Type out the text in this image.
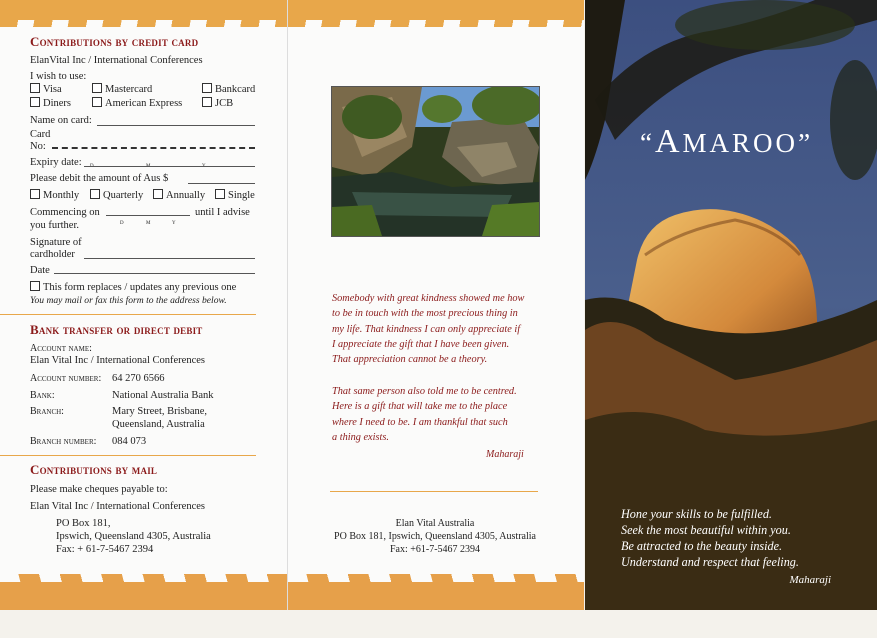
Contributions by credit card
ElanVital Inc / International Conferences
I wish to use:
Visa	Mastercard	Bankcard
Diners	American Express	JCB
Name on card:
Card
No:
Expiry date:
Please debit the amount of Aus $
Monthly	Quarterly	Annually	Single
Commencing on
D	M	Y
until I advise
you further.
Signature of
cardholder
Date
This form replaces / updates any previous one
You may mail or fax this form to the address below.
Bank transfer or direct debit
Account name:
Elan Vital Inc / International Conferences
Account number: 64 270 6566
Bank:	National Australia Bank
Branch:	Mary Street, Brisbane,
Queensland, Australia
Branch number: 084 073
Contributions by mail
Please make cheques payable to:
Elan Vital Inc / International Conferences
PO Box 181,
Ipswich, Queensland 4305, Australia
Fax: + 61-7-5467 2394
Somebody with great kindness showed me how
to be in touch with the most precious thing in
my life. That kindness I can only appreciate if
I appreciate the gift that I have been given.
That appreciation cannot be a theory.
That same person also told me to be centred.
Here is a gift that will take me to the place
where I need to be. I am thankful that such
a thing exists.
Maharaji
Elan Vital Australia
PO Box 181, Ipswich, Queensland 4305, Australia
Fax: +61-7-5467 2394
“AMAROO”
Hone your skills to be fulfilled.
Seek the most beautiful within you.
Be attracted to the beauty inside.
Understand and respect that feeling.
Maharaji
